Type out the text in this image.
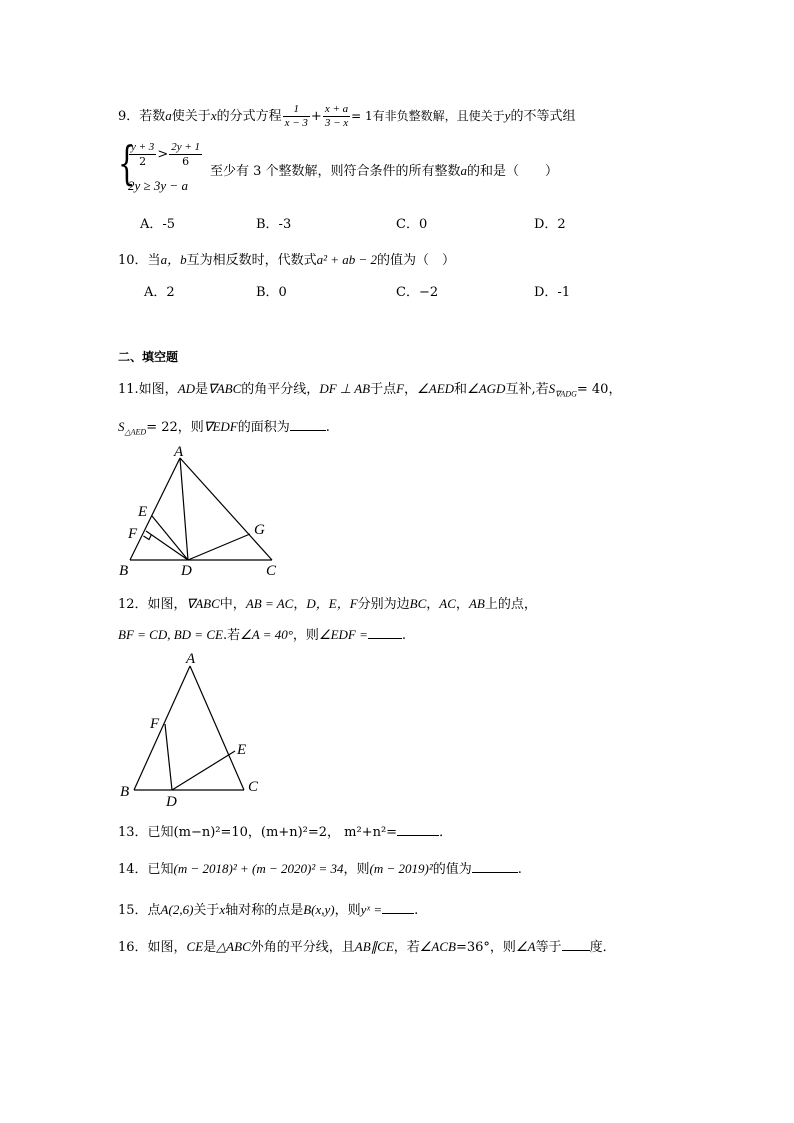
9．若数a使关于x的分式方程 $\frac{1}{x - 3} + \frac{x + a}{3 - x} = 1$有非负整数解，且使关于y的不等式组
{
$\frac{y + 3}{2} > \frac{2y + 1}{6}$
2y ≥ 3y − a
至少有 3 个整数解，则符合条件的所有整数a的和是（　　）
A．-5	B．-3	C．0	D．2
10．当a，b互为相反数时，代数式a² + ab − 2的值为（　）
A．2	B．0	C．−2	D．-1
二、填空题
11.如图，AD是∇ABC的角平分线，DF ⊥ AB于点F，∠AED和∠AGD互补,若$S_{\nabla ADG}= 40$，
$S_{\triangle AED}= 22$，则∇EDF的面积为	.
A
B	C
D
E
F	G
12．如图，∇ABC中，AB = AC，D，E，F分别为边BC，AC，AB上的点，
BF = CD, BD = CE.若∠A = 40°，则∠EDF =	.
A
B	C
D
E
F
13．已知(m−n)²=10，(m+n)²=2， m²+n²=	．
14．已知(m − 2018)² + (m − 2020)² = 34，则(m − 2019)²的值为	.
15．点A(2,6)关于x轴对称的点是B(x,y)，则yˣ = .
16．如图，CE是△ABC外角的平分线，且AB∥CE，若∠ACB=36°，则∠A等于 度．
